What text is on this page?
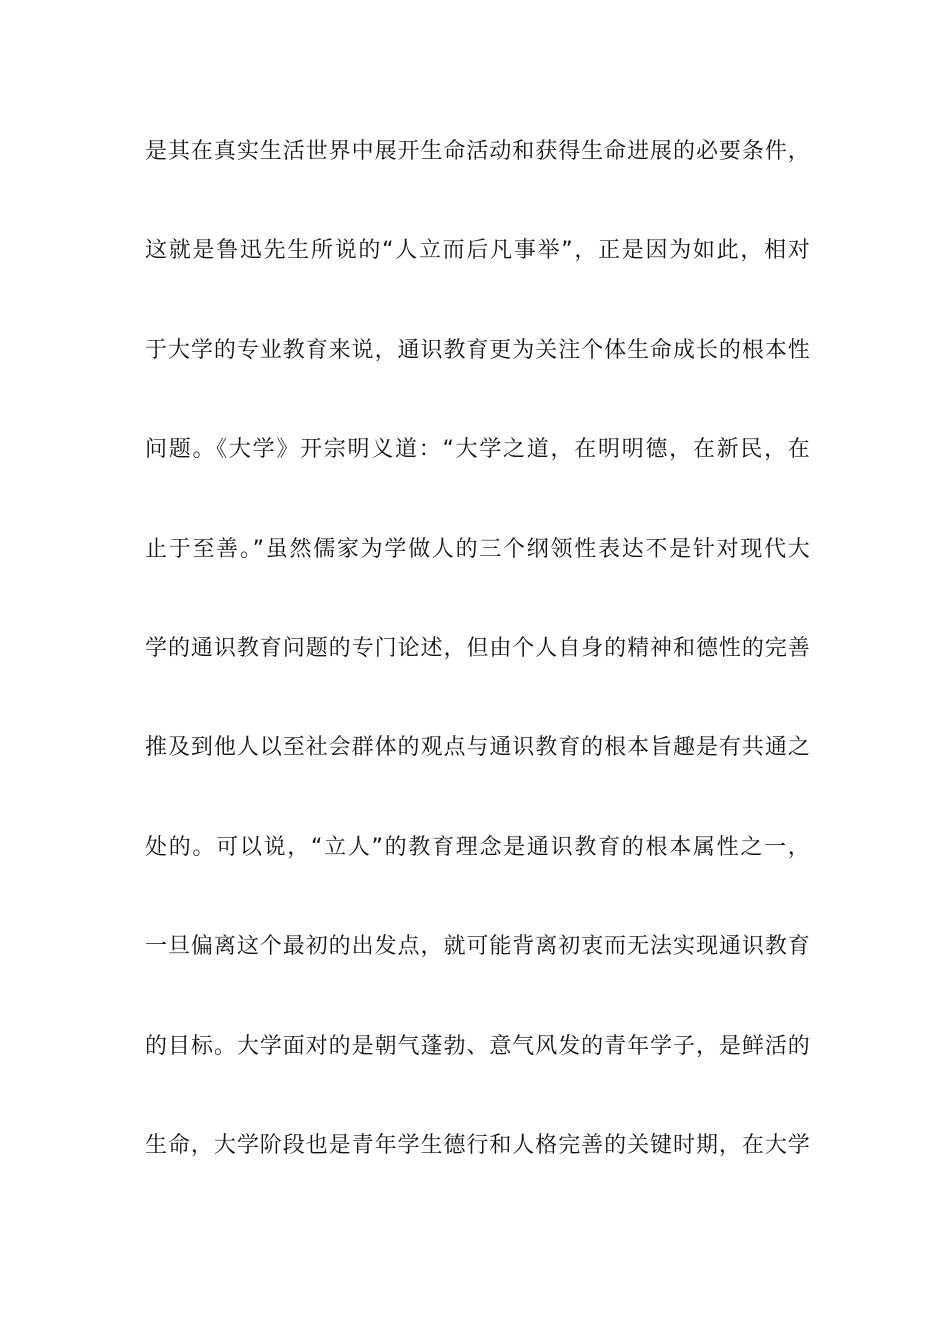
是其在真实生活世界中展开生命活动和获得生命进展的必要条件，
这就是鲁迅先生所说的“人立而后凡事举”，正是因为如此，相对
于大学的专业教育来说，通识教育更为关注个体生命成长的根本性
问题。《大学》开宗明义道：“大学之道，在明明德，在新民，在
止于至善。”虽然儒家为学做人的三个纲领性表达不是针对现代大
学的通识教育问题的专门论述，但由个人自身的精神和德性的完善
推及到他人以至社会群体的观点与通识教育的根本旨趣是有共通之
处的。可以说，“立人”的教育理念是通识教育的根本属性之一，
一旦偏离这个最初的出发点，就可能背离初衷而无法实现通识教育
的目标。大学面对的是朝气蓬勃、意气风发的青年学子，是鲜活的
生命，大学阶段也是青年学生德行和人格完善的关键时期，在大学
